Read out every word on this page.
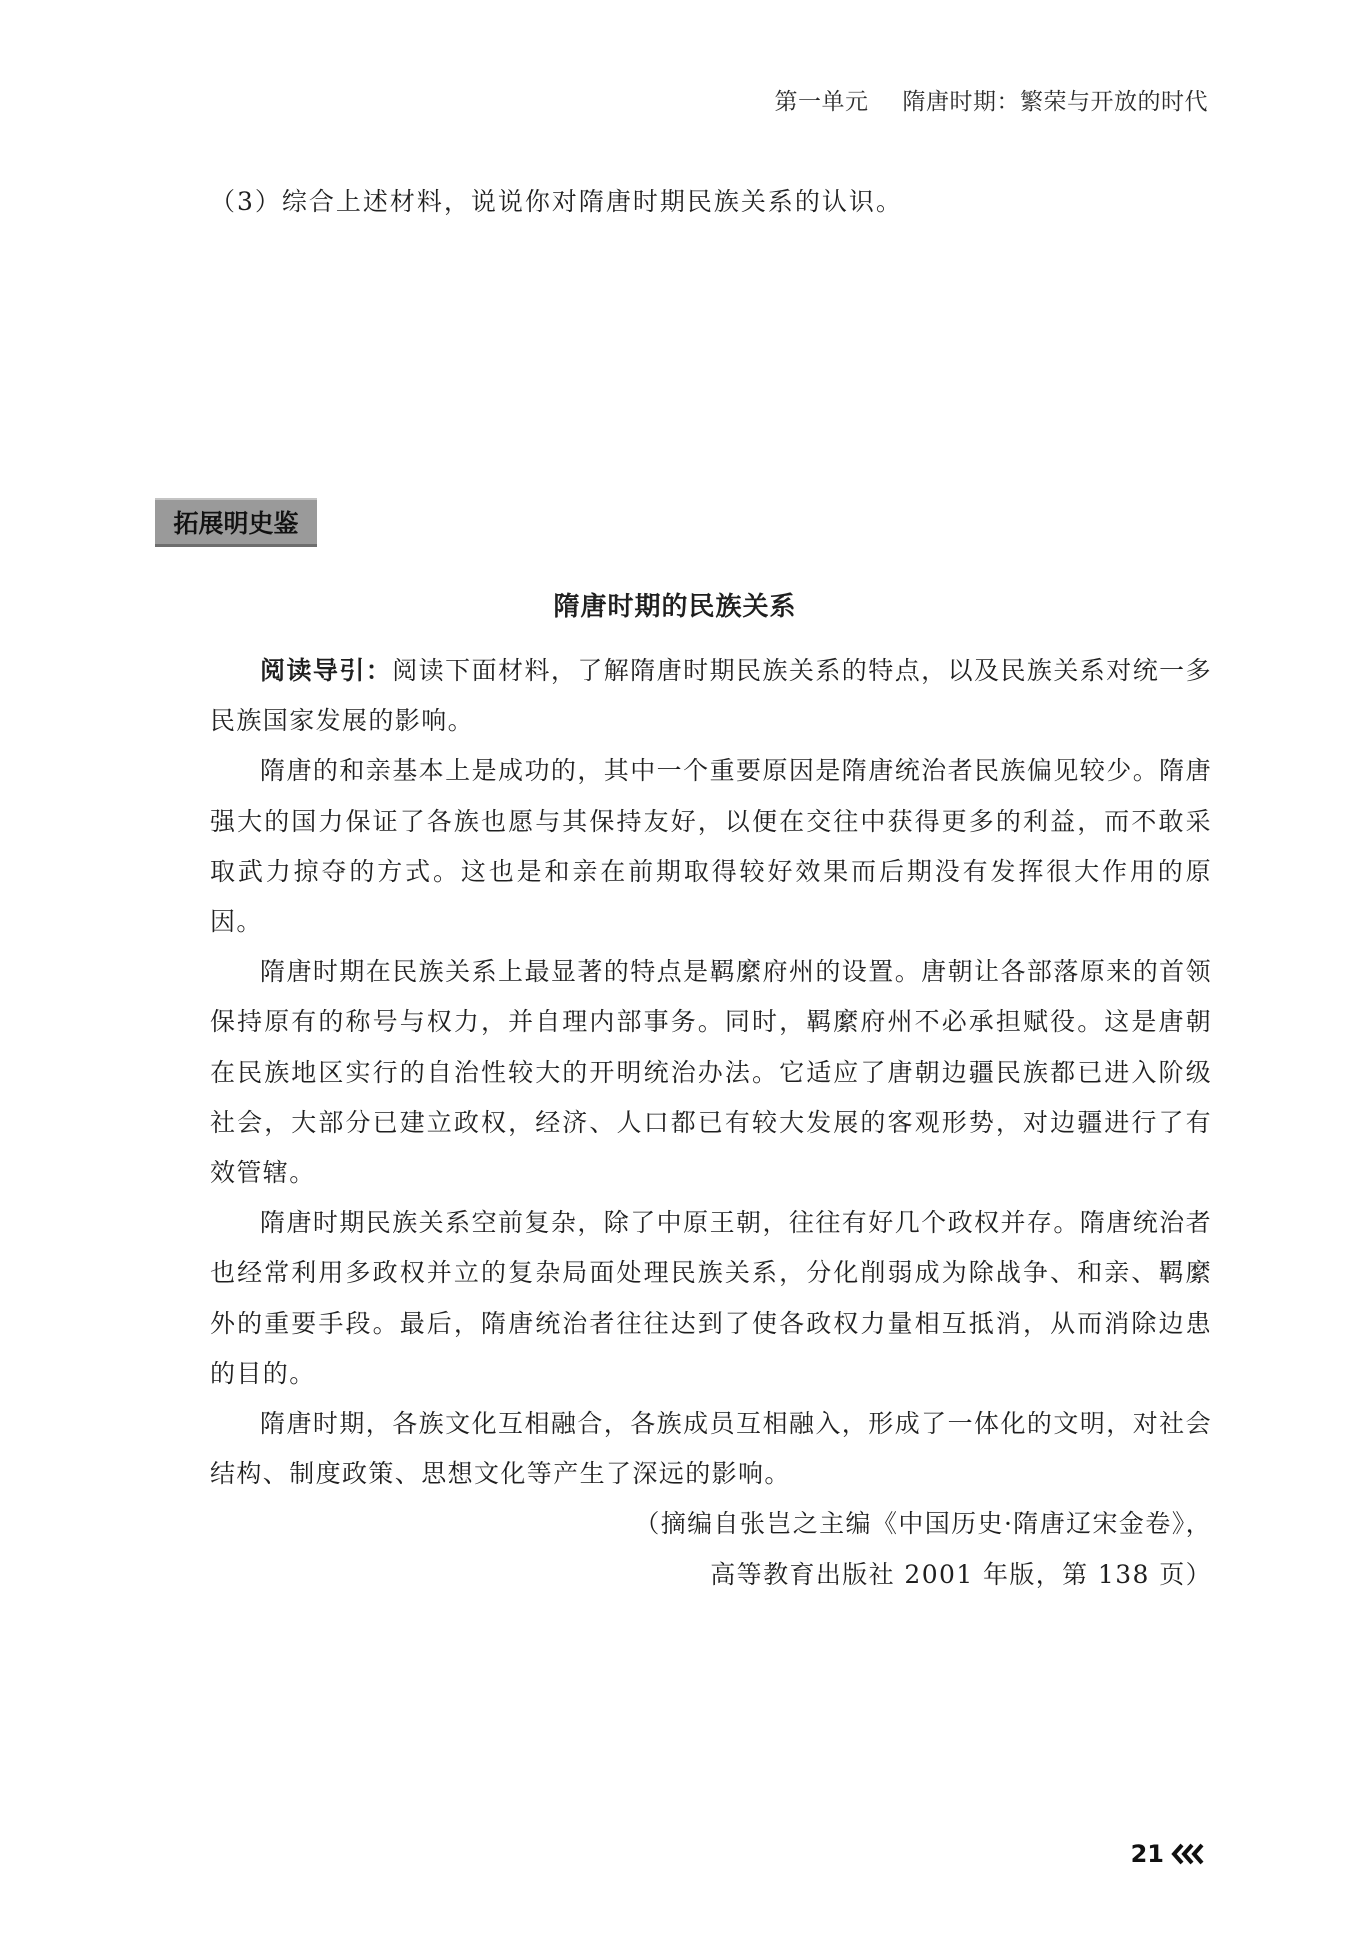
第一单元 隋唐时期：繁荣与开放的时代
（3）综合上述材料，说说你对隋唐时期民族关系的认识。
拓展明史鉴
隋唐时期的民族关系

阅读导引：阅读下面材料，了解隋唐时期民族关系的特点，以及民族关系对统一多民族国家发展的影响。

隋唐的和亲基本上是成功的，其中一个重要原因是隋唐统治者民族偏见较少。隋唐强大的国力保证了各族也愿与其保持友好，以便在交往中获得更多的利益，而不敢采取武力掠夺的方式。这也是和亲在前期取得较好效果而后期没有发挥很大作用的原因。

隋唐时期在民族关系上最显著的特点是羁縻府州的设置。唐朝让各部落原来的首领保持原有的称号与权力，并自理内部事务。同时，羁縻府州不必承担赋役。这是唐朝在民族地区实行的自治性较大的开明统治办法。它适应了唐朝边疆民族都已进入阶级社会，大部分已建立政权，经济、人口都已有较大发展的客观形势，对边疆进行了有效管辖。

隋唐时期民族关系空前复杂，除了中原王朝，往往有好几个政权并存。隋唐统治者也经常利用多政权并立的复杂局面处理民族关系，分化削弱成为除战争、和亲、羁縻外的重要手段。最后，隋唐统治者往往达到了使各政权力量相互抵消，从而消除边患的目的。

隋唐时期，各族文化互相融合，各族成员互相融入，形成了一体化的文明，对社会结构、制度政策、思想文化等产生了深远的影响。

（摘编自张岂之主编《中国历史·隋唐辽宋金卷》，
高等教育出版社 2001 年版，第 138 页）

21
